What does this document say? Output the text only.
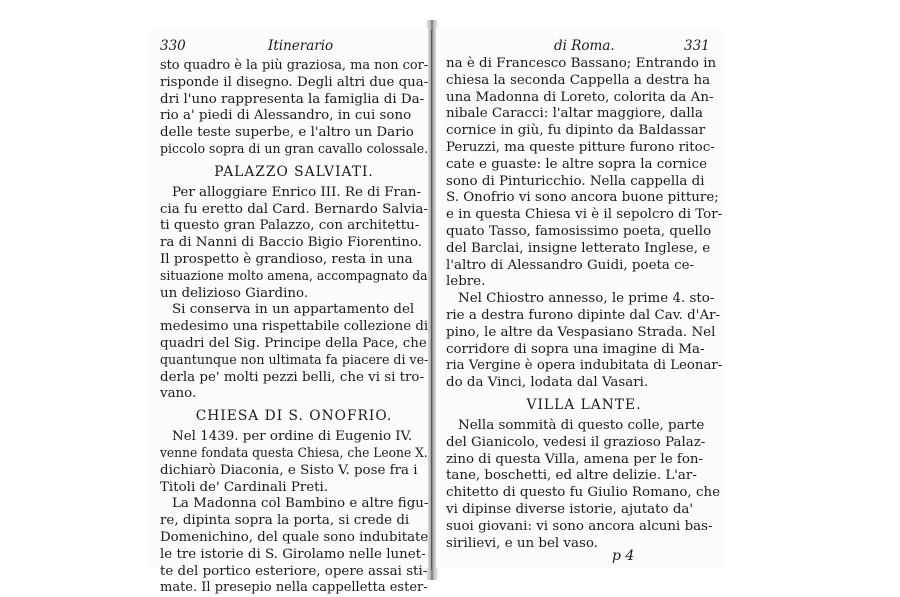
330	Itinerario
sto quadro è la più graziosa, ma non cor-
risponde il disegno. Degli altri due qua-
dri l'uno rappresenta la famiglia di Da-
rio a' piedi di Alessandro, in cui sono
delle teste superbe, e l'altro un Dario
piccolo sopra di un gran cavallo colossale.
PALAZZO SALVIATI.
Per alloggiare Enrico III. Re di Fran-
cia fu eretto dal Card. Bernardo Salvia-
ti questo gran Palazzo, con architettu-
ra di Nanni di Baccio Bigio Fiorentino.
Il prospetto è grandioso, resta in una
situazione molto amena, accompagnato da
un delizioso Giardino.
Si conserva in un appartamento del
medesimo una rispettabile collezione di
quadri del Sig. Principe della Pace, che
quantunque non ultimata fa piacere di ve-
derla pe' molti pezzi belli, che vi si tro-
vano.
CHIESA DI S. ONOFRIO.
Nel 1439. per ordine di Eugenio IV.
venne fondata questa Chiesa, che Leone X.
dichiarò Diaconia, e Sisto V. pose fra i
Titoli de' Cardinali Preti.
La Madonna col Bambino e altre figu-
re, dipinta sopra la porta, si crede di
Domenichino, del quale sono indubitate
le tre istorie di S. Girolamo nelle lunet-
te del portico esteriore, opere assai sti-
mate. Il presepio nella cappelletta ester-
di Roma.	331
na è di Francesco Bassano; Entrando in
chiesa la seconda Cappella a destra ha
una Madonna di Loreto, colorita da An-
nibale Caracci: l'altar maggiore, dalla
cornice in giù, fu dipinto da Baldassar
Peruzzi, ma queste pitture furono ritoc-
cate e guaste: le altre sopra la cornice
sono di Pinturicchio. Nella cappella di
S. Onofrio vi sono ancora buone pitture;
e in questa Chiesa vi è il sepolcro di Tor-
quato Tasso, famosissimo poeta, quello
del Barclai, insigne letterato Inglese, e
l'altro di Alessandro Guidi, poeta ce-
lebre.
Nel Chiostro annesso, le prime 4. sto-
rie a destra furono dipinte dal Cav. d'Ar-
pino, le altre da Vespasiano Strada. Nel
corridore di sopra una imagine di Ma-
ria Vergine è opera indubitata di Leonar-
do da Vinci, lodata dal Vasari.
VILLA LANTE.
Nella sommità di questo colle, parte
del Gianicolo, vedesi il grazioso Palaz-
zino di questa Villa, amena per le fon-
tane, boschetti, ed altre delizie. L'ar-
chitetto di questo fu Giulio Romano, che
vi dipinse diverse istorie, ajutato da'
suoi giovani: vi sono ancora alcuni bas-
sirilievi, e un bel vaso.
p 4
